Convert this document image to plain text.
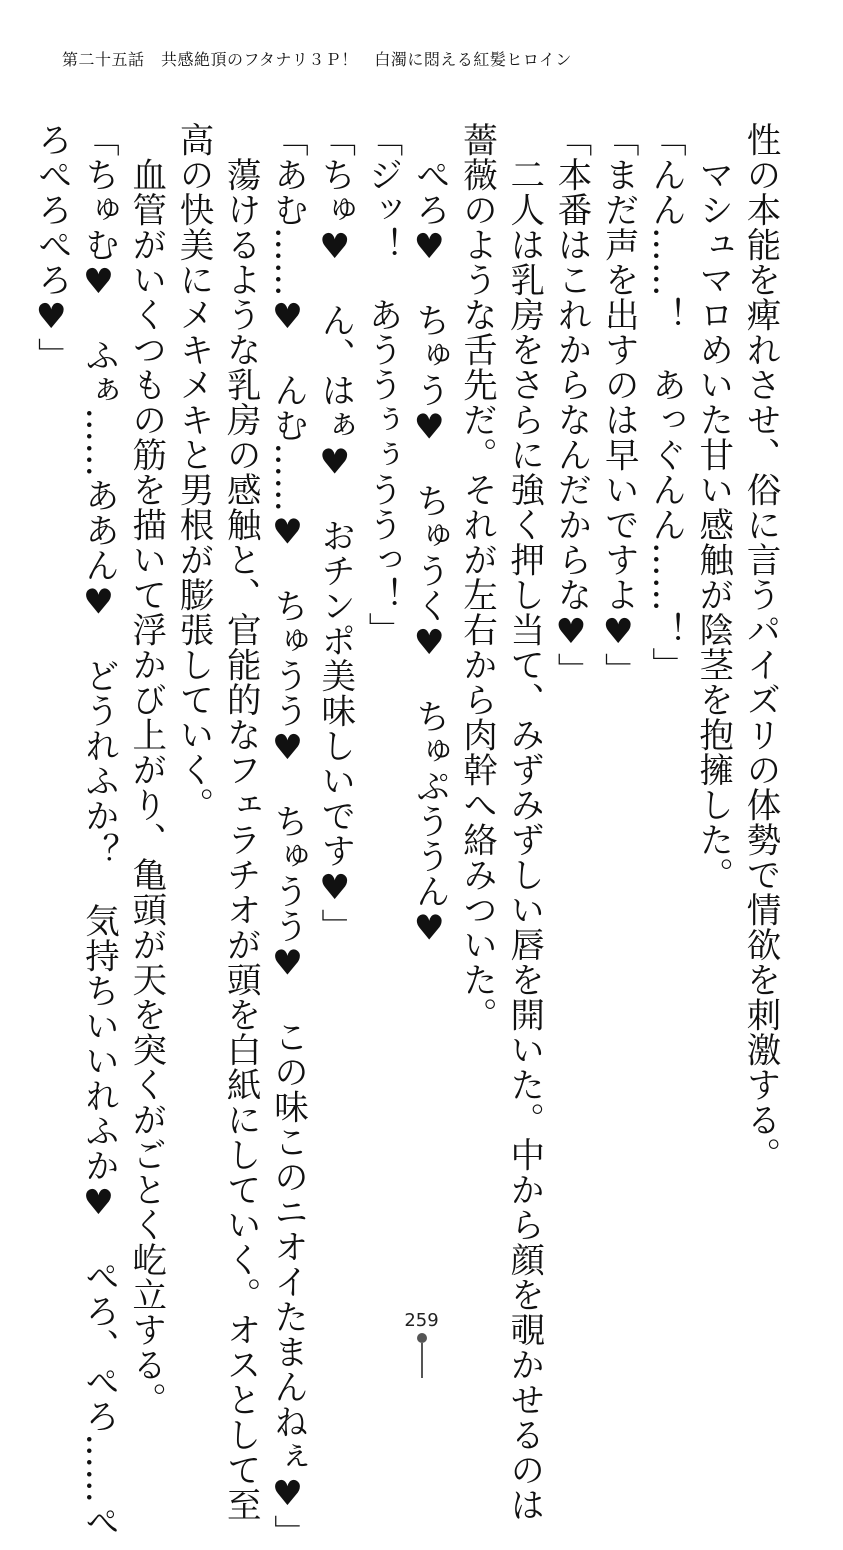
第二十五話　共感絶頂のフタナリ３Ｐ！　白濁に悶える紅髪ヒロイン
性の本能を痺れさせ、俗に言うパイズリの体勢で情欲を刺激する。
　マシュマロめいた甘い感触が陰茎を抱擁した。
「んん……！　あっぐんん……！」
「まだ声を出すのは早いですよ♥」
「本番はこれからなんだからな♥」
　二人は乳房をさらに強く押し当て、みずみずしい唇を開いた。中から顔を覗かせるのは
薔薇のような舌先だ。それが左右から肉幹へ絡みついた。
　ぺろ♥　ちゅう♥　ちゅうく♥　ちゅぷううん♥
「ジッ！　あううぅぅううっ！」
「ちゅ♥　ん、はぁ♥　おチンポ美味しいです♥」
「あむ……♥　んむ……♥　ちゅうう♥　ちゅうう♥　この味このニオイたまんねぇ♥」
　蕩けるような乳房の感触と、官能的なフェラチオが頭を白紙にしていく。オスとして至
高の快美にメキメキと男根が膨張していく。
　血管がいくつもの筋を描いて浮かび上がり、亀頭が天を突くがごとく屹立する。
「ちゅむ♥　ふぁ……ああん♥　どうれふか？　気持ちいいれふか♥　ぺろ、ぺろ……ぺ
ろぺろぺろ♥」
259
